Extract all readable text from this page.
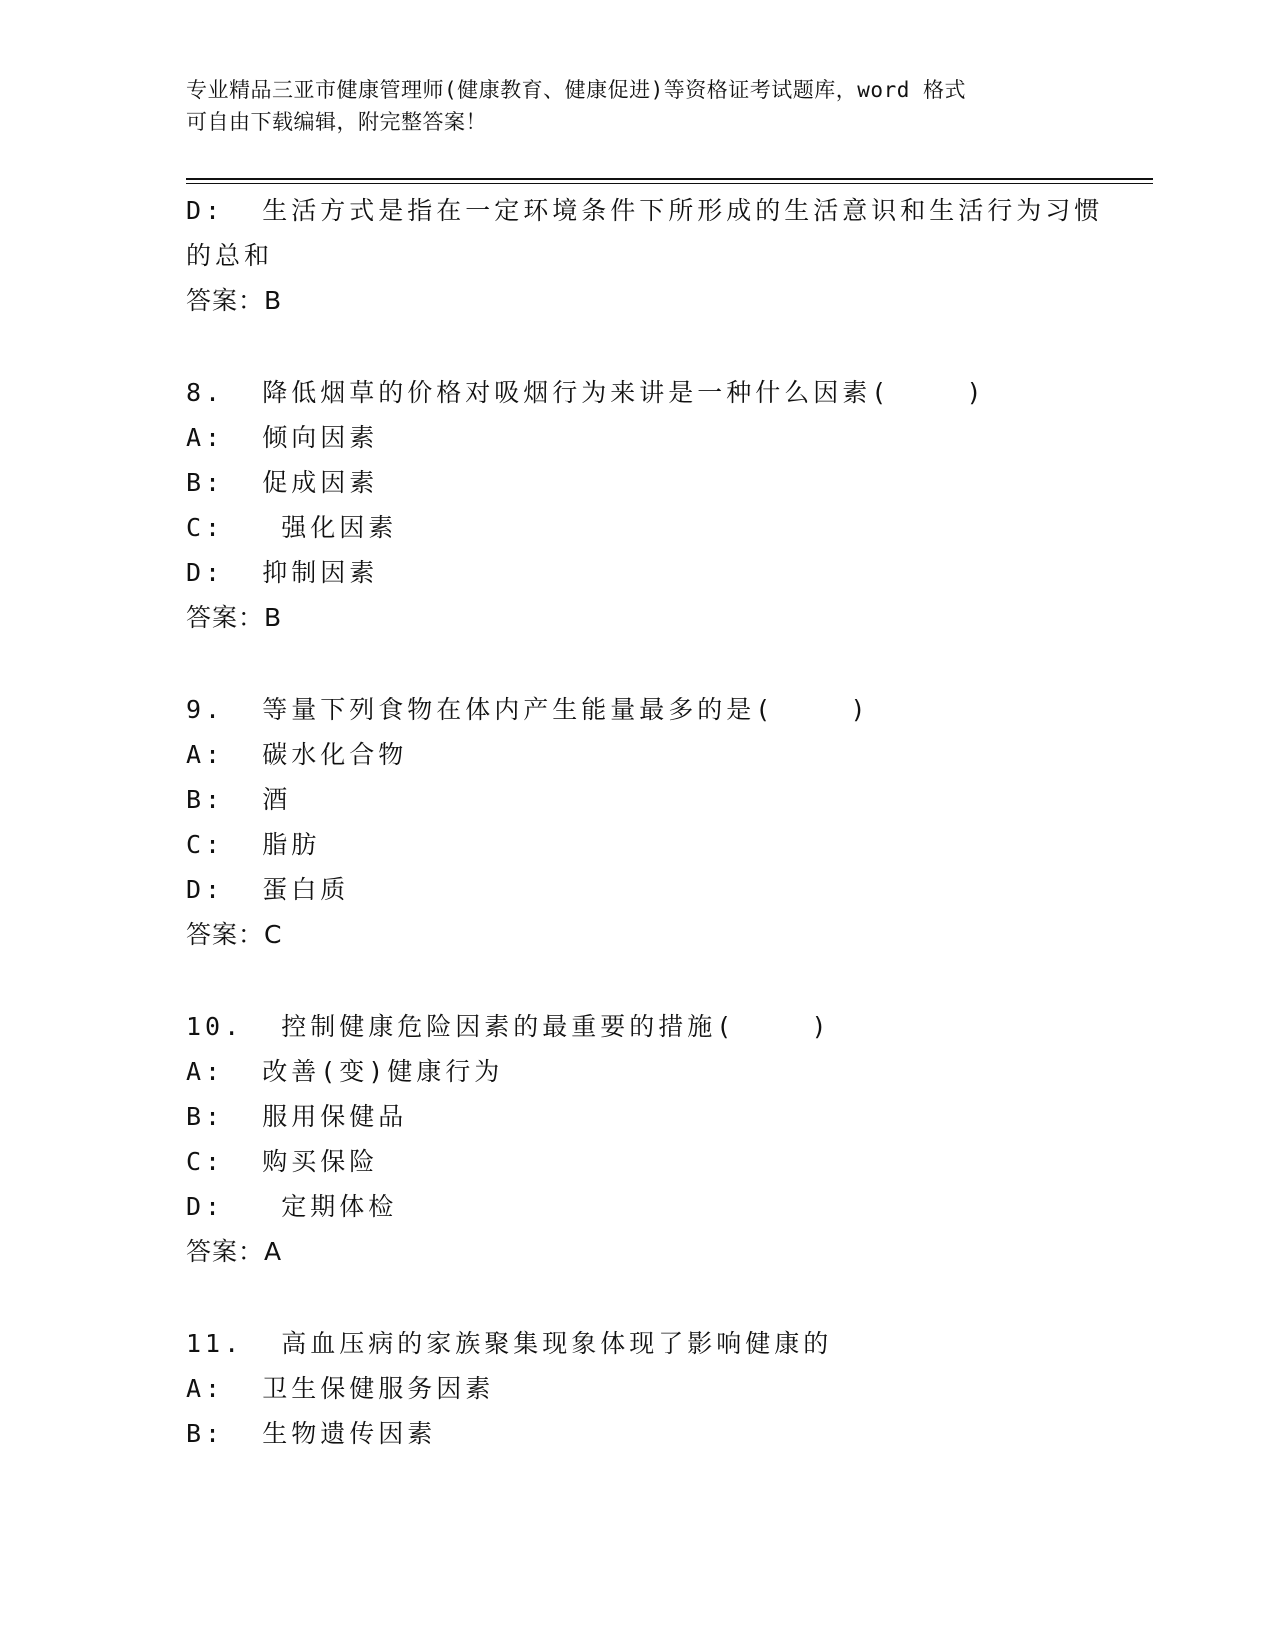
专业精品三亚市健康管理师(健康教育、健康促进)等资格证考试题库，word 格式
可自由下载编辑，附完整答案！
D:  生活方式是指在一定环境条件下所形成的生活意识和生活行为习惯
的总和
答案：B
8.  降低烟草的价格对吸烟行为来讲是一种什么因素(    )
A:  倾向因素
B:  促成因素
C:   强化因素
D:  抑制因素
答案：B
9.  等量下列食物在体内产生能量最多的是(    )
A:  碳水化合物
B:  酒
C:  脂肪
D:  蛋白质
答案：C
10.  控制健康危险因素的最重要的措施(    )
A:  改善(变)健康行为
B:  服用保健品
C:  购买保险
D:   定期体检
答案：A
11.  高血压病的家族聚集现象体现了影响健康的
A:  卫生保健服务因素
B:  生物遗传因素
